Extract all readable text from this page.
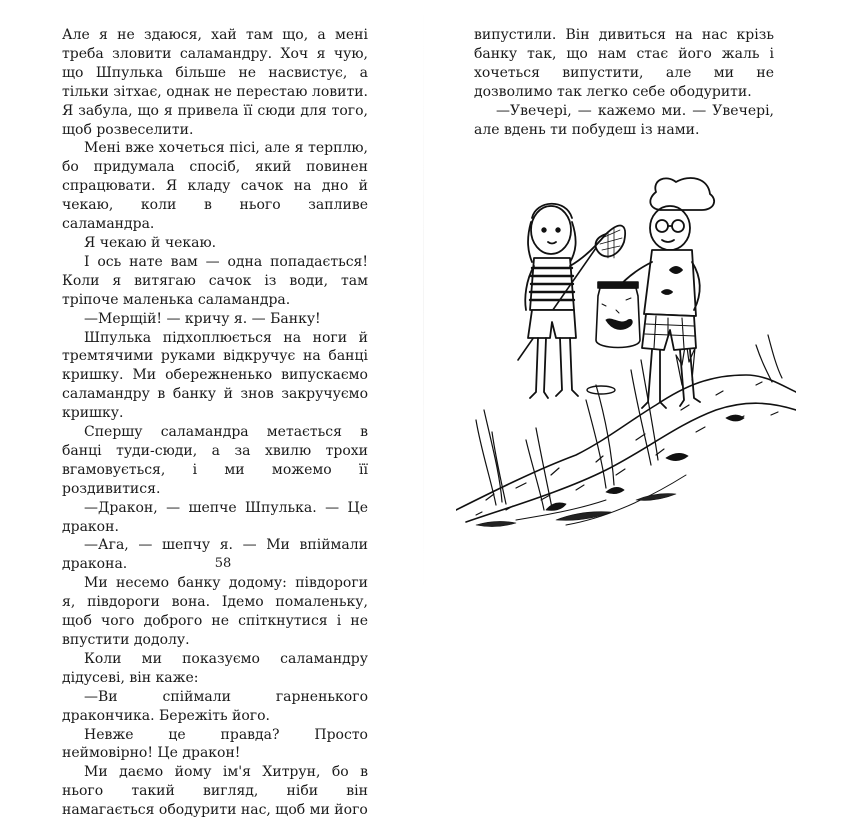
Але я не здаюся, хай там що, а мені треба зловити саламандру. Хоч я чую, що Шпулька більше не насвистує, а тільки зітхає, однак не перестаю ловити. Я забула, що я привела її сюди для того, щоб розвеселити.

Мені вже хочеться пісі, але я терплю, бо придумала спосіб, який повинен спрацювати. Я кладу сачок на дно й чекаю, коли в нього запливе саламандра.

Я чекаю й чекаю.

І ось нате вам — одна попадається! Коли я витягаю сачок із води, там тріпоче маленька саламандра.

—Мерщій! — кричу я. — Банку!

Шпулька підхоплюється на ноги й тремтячими руками відкручує на банці кришку. Ми обережненько випускаємо саламандру в банку й знов закручуємо кришку.

Спершу саламандра метається в банці туди-сюди, а за хвилю трохи вгамовується, і ми можемо її роздивитися.

—Дракон, — шепче Шпулька. — Це дракон.

—Ага, — шепчу я. — Ми впіймали дракона.

Ми несемо банку додому: півдороги я, півдороги вона. Ідемо помаленьку, щоб чого доброго не спіткнутися і не впустити додолу.

Коли ми показуємо саламандру дідусеві, він каже:

—Ви спіймали гарненького дракончика. Бережіть його.

Невже це правда? Просто неймовірно! Це дракон!

Ми даємо йому ім'я Хитрун, бо в нього такий вигляд, ніби він намагається ободурити нас, щоб ми його

58

випустили. Він дивиться на нас крізь банку так, що нам стає його жаль і хочеться випустити, але ми не дозволимо так легко себе ободурити.

—Увечері, — кажемо ми. — Увечері, але вдень ти побудеш із нами.
